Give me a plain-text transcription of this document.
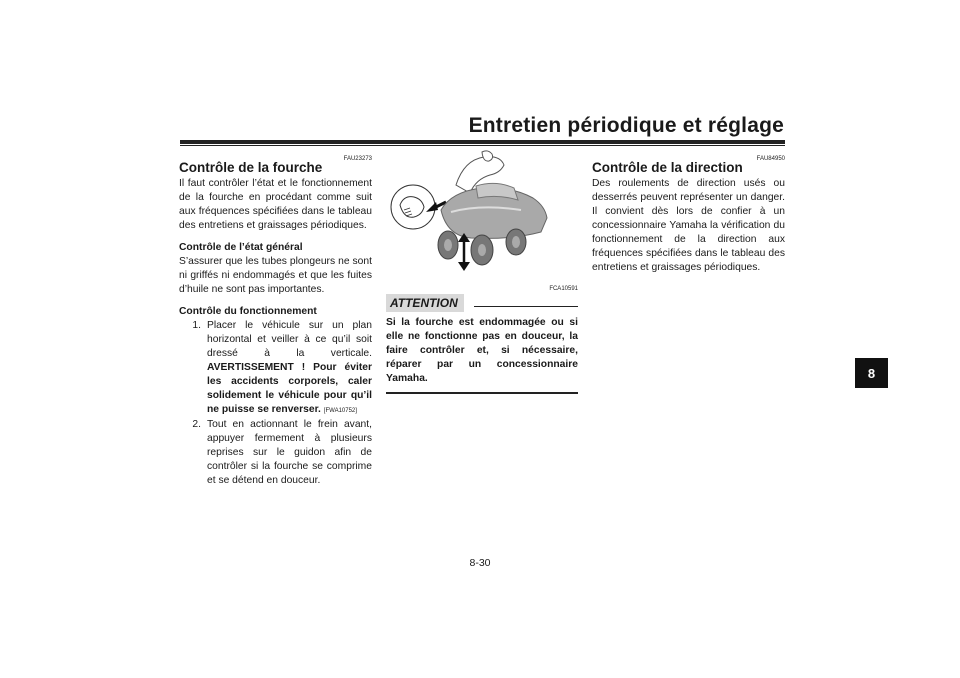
Entretien périodique et réglage
FAU23273
Contrôle de la fourche

Il faut contrôler l’état et le fonctionnement de la fourche en procédant comme suit aux fréquences spécifiées dans le tableau des entretiens et graissages périodiques.

Contrôle de l’état général

S’assurer que les tubes plongeurs ne sont ni griffés ni endommagés et que les fuites d’huile ne sont pas importantes.

Contrôle du fonctionnement
1. Placer le véhicule sur un plan horizontal et veiller à ce qu’il soit dressé à la verticale. AVERTISSEMENT ! Pour éviter les accidents corporels, caler solidement le véhicule pour qu’il ne puisse se renverser. [FWA10752]
2. Tout en actionnant le frein avant, appuyer fermement à plusieurs reprises sur le guidon afin de contrôler si la fourche se comprime et se détend en douceur.
FCA10591
ATTENTION

Si la fourche est endommagée ou si elle ne fonctionne pas en douceur, la faire contrôler et, si nécessaire, réparer par un concessionnaire Yamaha.

FAU84950
Contrôle de la direction

Des roulements de direction usés ou desserrés peuvent représenter un danger. Il convient dès lors de confier à un concessionnaire Yamaha la vérification du fonctionnement de la direction aux fréquences spécifiées dans le tableau des entretiens et graissages périodiques.

8
8-30
